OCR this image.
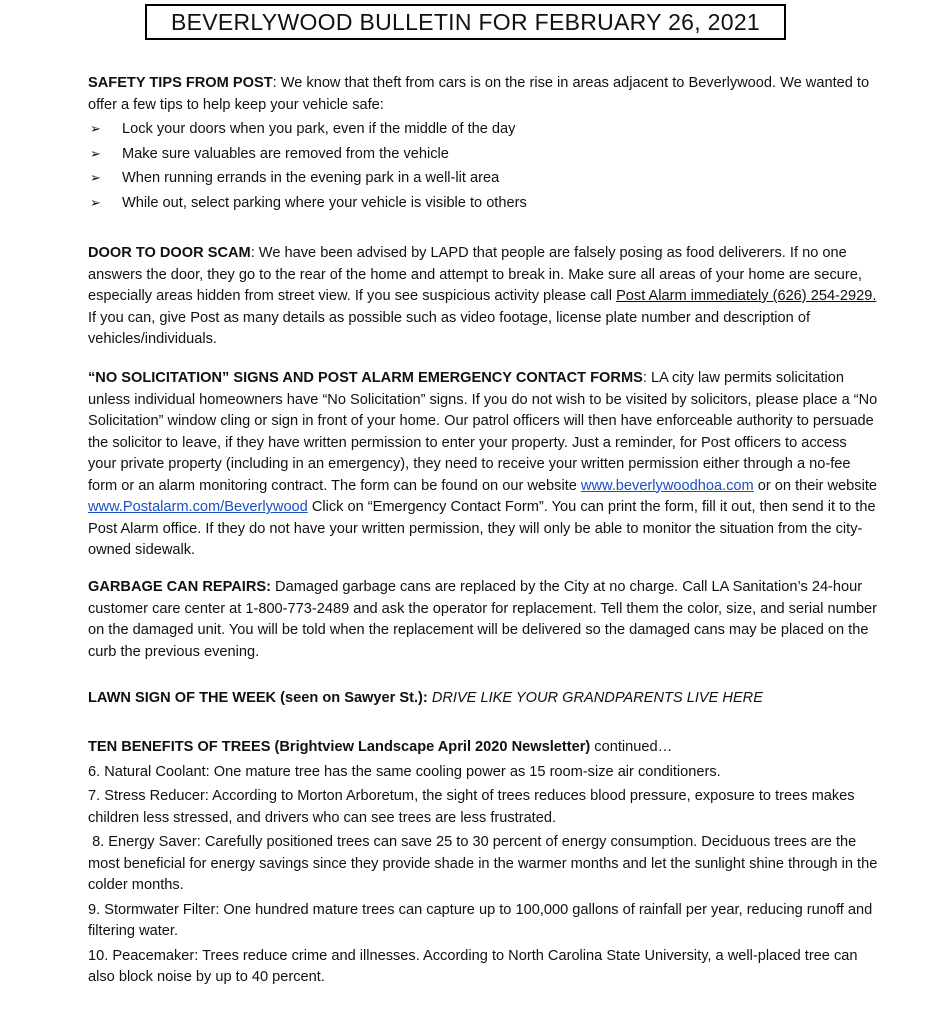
BEVERLYWOOD BULLETIN FOR FEBRUARY 26, 2021

SAFETY TIPS FROM POST: We know that theft from cars is on the rise in areas adjacent to Beverlywood. We wanted to offer a few tips to help keep your vehicle safe:

➢ Lock your doors when you park, even if the middle of the day
➢ Make sure valuables are removed from the vehicle
➢ When running errands in the evening park in a well-lit area
➢ While out, select parking where your vehicle is visible to others

DOOR TO DOOR SCAM: We have been advised by LAPD that people are falsely posing as food deliverers. If no one answers the door, they go to the rear of the home and attempt to break in. Make sure all areas of your home are secure, especially areas hidden from street view. If you see suspicious activity please call Post Alarm immediately (626) 254-2929. If you can, give Post as many details as possible such as video footage, license plate number and description of vehicles/individuals.

“NO SOLICITATION” SIGNS AND POST ALARM EMERGENCY CONTACT FORMS: LA city law permits solicitation unless individual homeowners have “No Solicitation” signs. If you do not wish to be visited by solicitors, please place a “No Solicitation” window cling or sign in front of your home. Our patrol officers will then have enforceable authority to persuade the solicitor to leave, if they have written permission to enter your property. Just a reminder, for Post officers to access your private property (including in an emergency), they need to receive your written permission either through a no-fee form or an alarm monitoring contract. The form can be found on our website www.beverlywoodhoa.com or on their website www.Postalarm.com/Beverlywood Click on “Emergency Contact Form”. You can print the form, fill it out, then send it to the Post Alarm office. If they do not have your written permission, they will only be able to monitor the situation from the city-owned sidewalk.

GARBAGE CAN REPAIRS: Damaged garbage cans are replaced by the City at no charge. Call LA Sanitation’s 24-hour customer care center at 1-800-773-2489 and ask the operator for replacement. Tell them the color, size, and serial number on the damaged unit. You will be told when the replacement will be delivered so the damaged cans may be placed on the curb the previous evening.

LAWN SIGN OF THE WEEK (seen on Sawyer St.): DRIVE LIKE YOUR GRANDPARENTS LIVE HERE

TEN BENEFITS OF TREES (Brightview Landscape April 2020 Newsletter) continued…

6. Natural Coolant: One mature tree has the same cooling power as 15 room-size air conditioners.

7. Stress Reducer: According to Morton Arboretum, the sight of trees reduces blood pressure, exposure to trees makes children less stressed, and drivers who can see trees are less frustrated.

8. Energy Saver: Carefully positioned trees can save 25 to 30 percent of energy consumption. Deciduous trees are the most beneficial for energy savings since they provide shade in the warmer months and let the sunlight shine through in the colder months.

9. Stormwater Filter: One hundred mature trees can capture up to 100,000 gallons of rainfall per year, reducing runoff and filtering water.

10. Peacemaker: Trees reduce crime and illnesses. According to North Carolina State University, a well-placed tree can also block noise by up to 40 percent.
